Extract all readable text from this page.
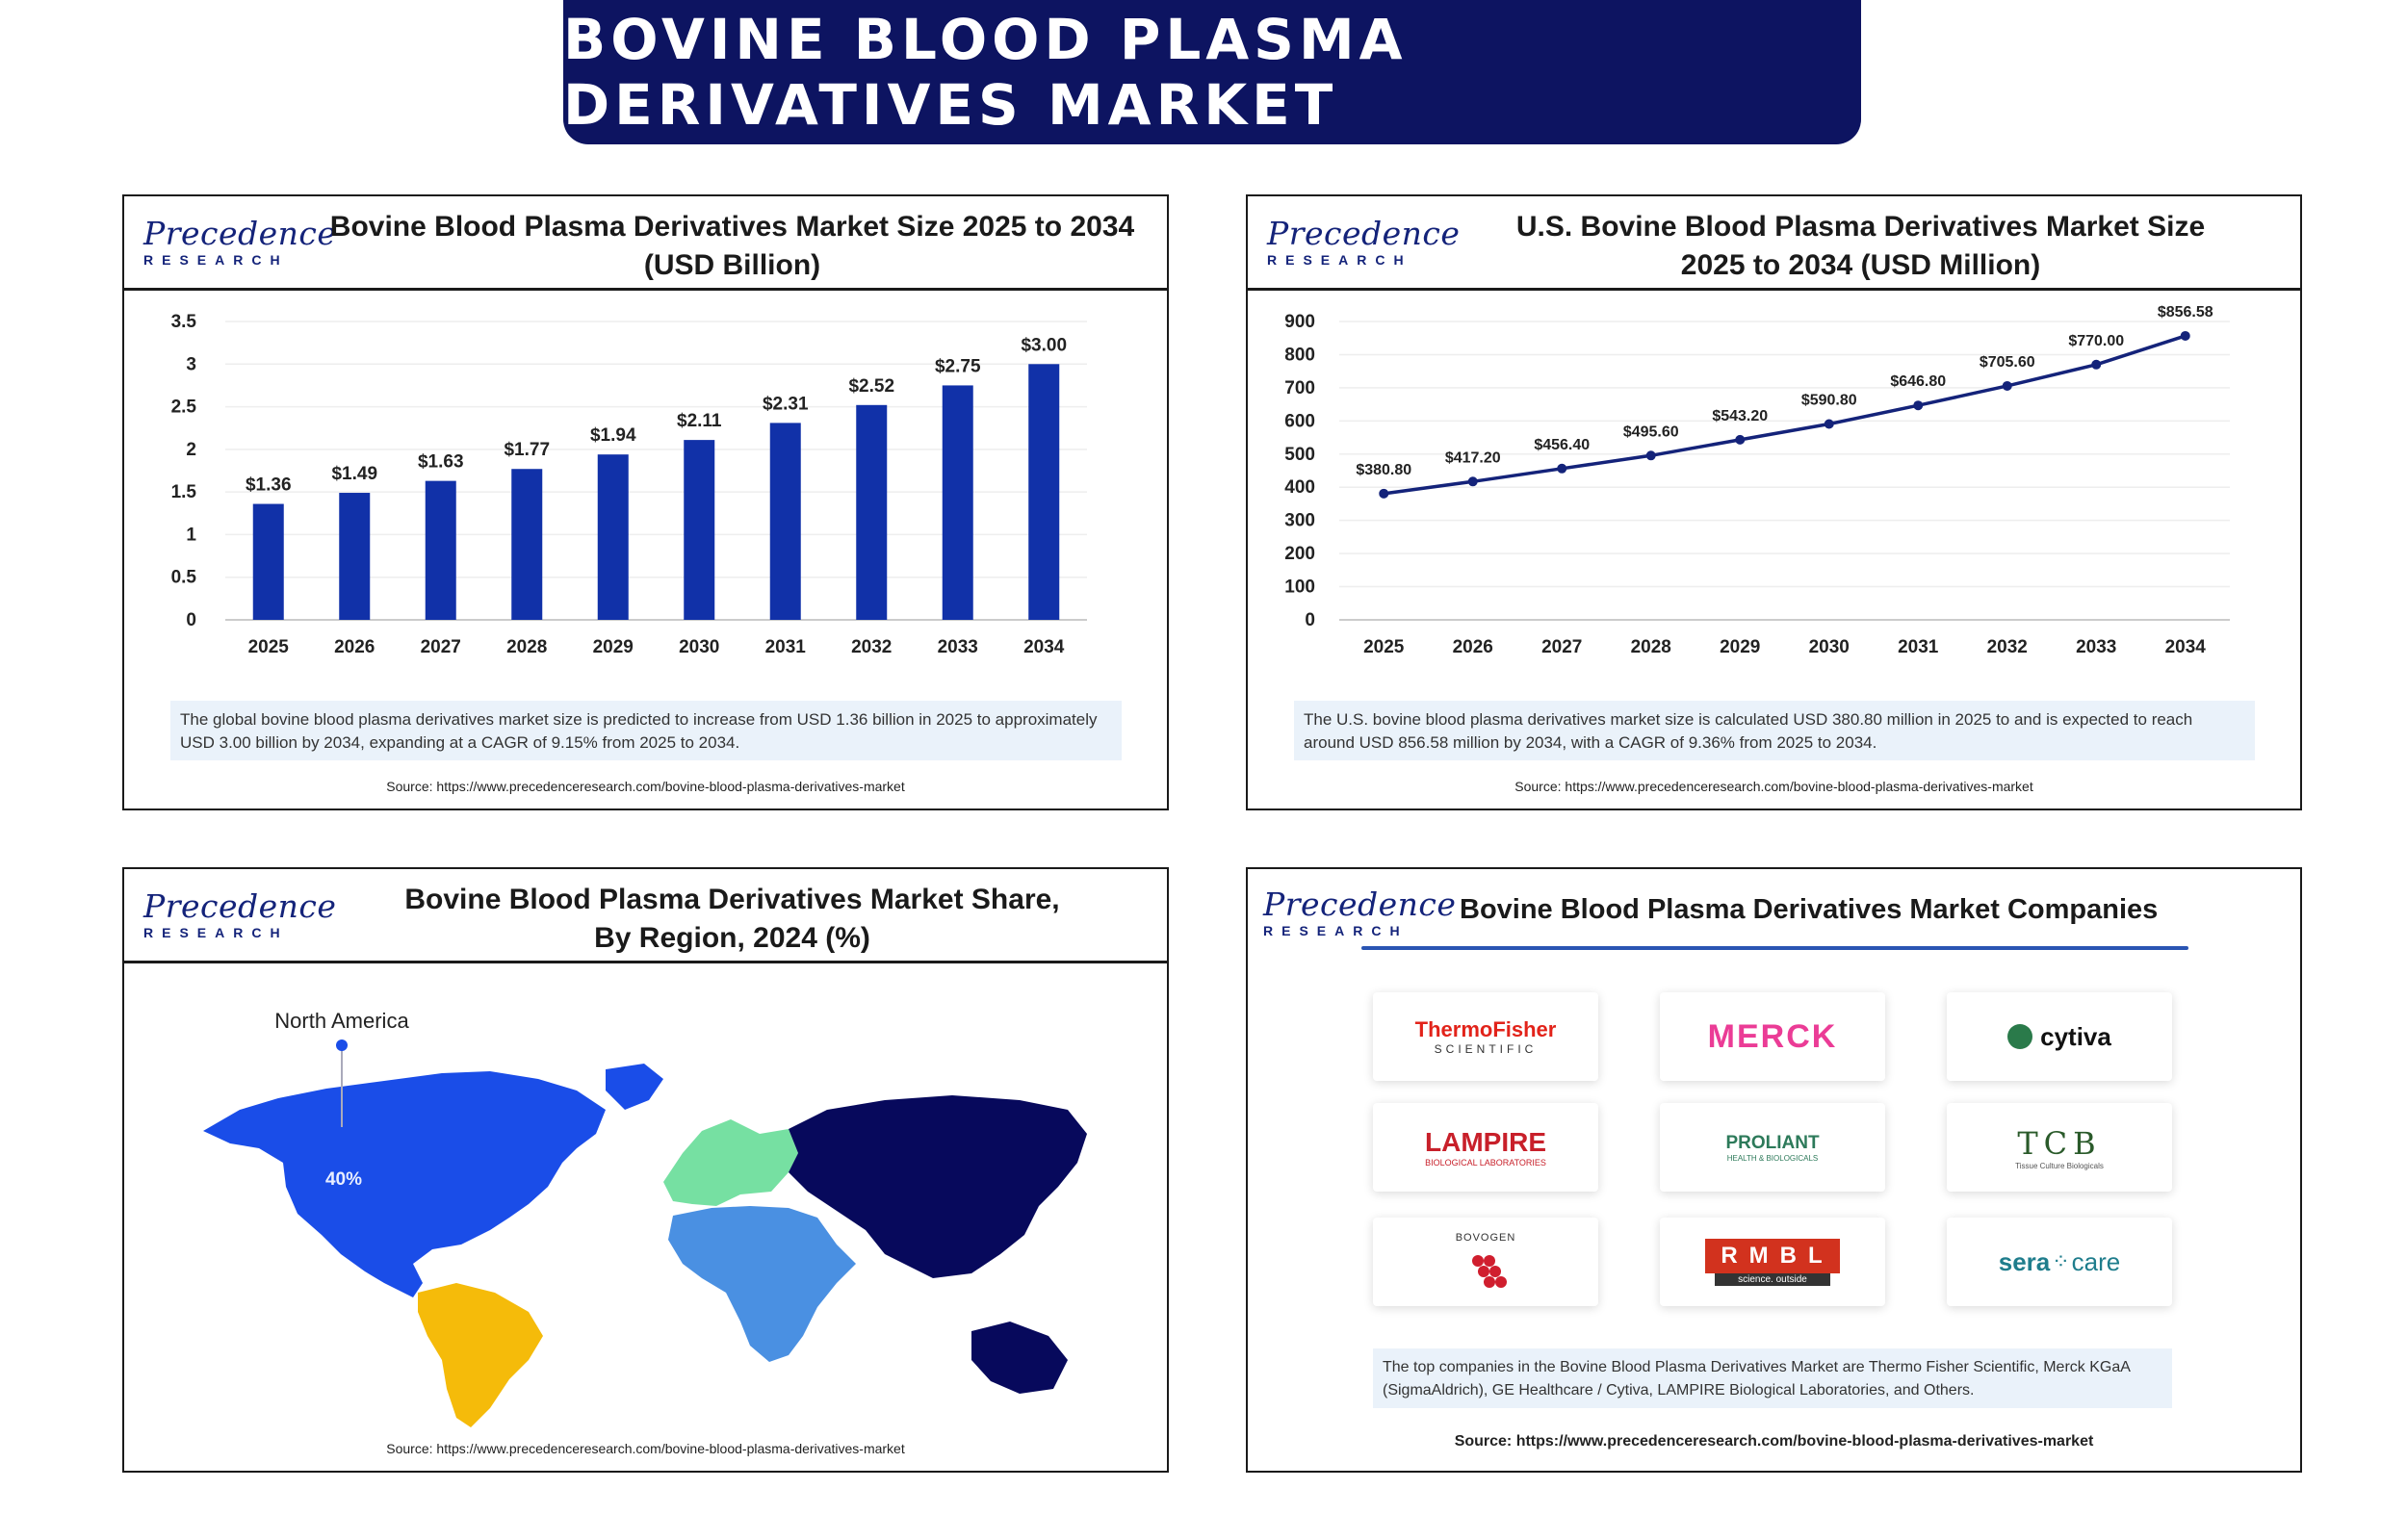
BOVINE BLOOD PLASMA DERIVATIVES MARKET
Precedence
RESEARCH
Bovine Blood Plasma Derivatives Market Size 2025 to 2034
(USD Billion)
0
0.5
1
1.5
2
2.5
3
3.5
$1.36
2025
$1.49
2026
$1.63
2027
$1.77
2028
$1.94
2029
$2.11
2030
$2.31
2031
$2.52
2032
$2.75
2033
$3.00
2034
The global bovine blood plasma derivatives market size is predicted to increase from USD 1.36 billion in 2025 to approximately USD 3.00 billion by 2034, expanding at a CAGR of 9.15% from 2025 to 2034.
Source: https://www.precedenceresearch.com/bovine-blood-plasma-derivatives-market
Precedence
RESEARCH
U.S. Bovine Blood Plasma Derivatives Market Size
2025 to 2034 (USD Million)
0
100
200
300
400
500
600
700
800
900
$380.80
2025
$417.20
2026
$456.40
2027
$495.60
2028
$543.20
2029
$590.80
2030
$646.80
2031
$705.60
2032
$770.00
2033
$856.58
2034
The U.S. bovine blood plasma derivatives market size is calculated USD 380.80 million in 2025 to and is expected to reach around USD 856.58 million by 2034, with a CAGR of 9.36% from 2025 to 2034.
Source: https://www.precedenceresearch.com/bovine-blood-plasma-derivatives-market
Precedence
RESEARCH
Bovine Blood Plasma Derivatives Market Share,
By Region, 2024 (%)
North America
40%
Source: https://www.precedenceresearch.com/bovine-blood-plasma-derivatives-market
Precedence
RESEARCH
Bovine Blood Plasma Derivatives Market Companies
ThermoFisher
SCIENTIFIC	MERCK	cytiva
LAMPIRE
BIOLOGICAL LABORATORIES
PROLIANT
HEALTH & BIOLOGICALS	TCB
Tissue Culture Biologicals
BOVOGEN
RMBL
science. outside
sera ⁘ care
The top companies in the Bovine Blood Plasma Derivatives Market are Thermo Fisher Scientific, Merck KGaA (SigmaAldrich), GE Healthcare / Cytiva, LAMPIRE Biological Laboratories, and Others.
Source: https://www.precedenceresearch.com/bovine-blood-plasma-derivatives-market
